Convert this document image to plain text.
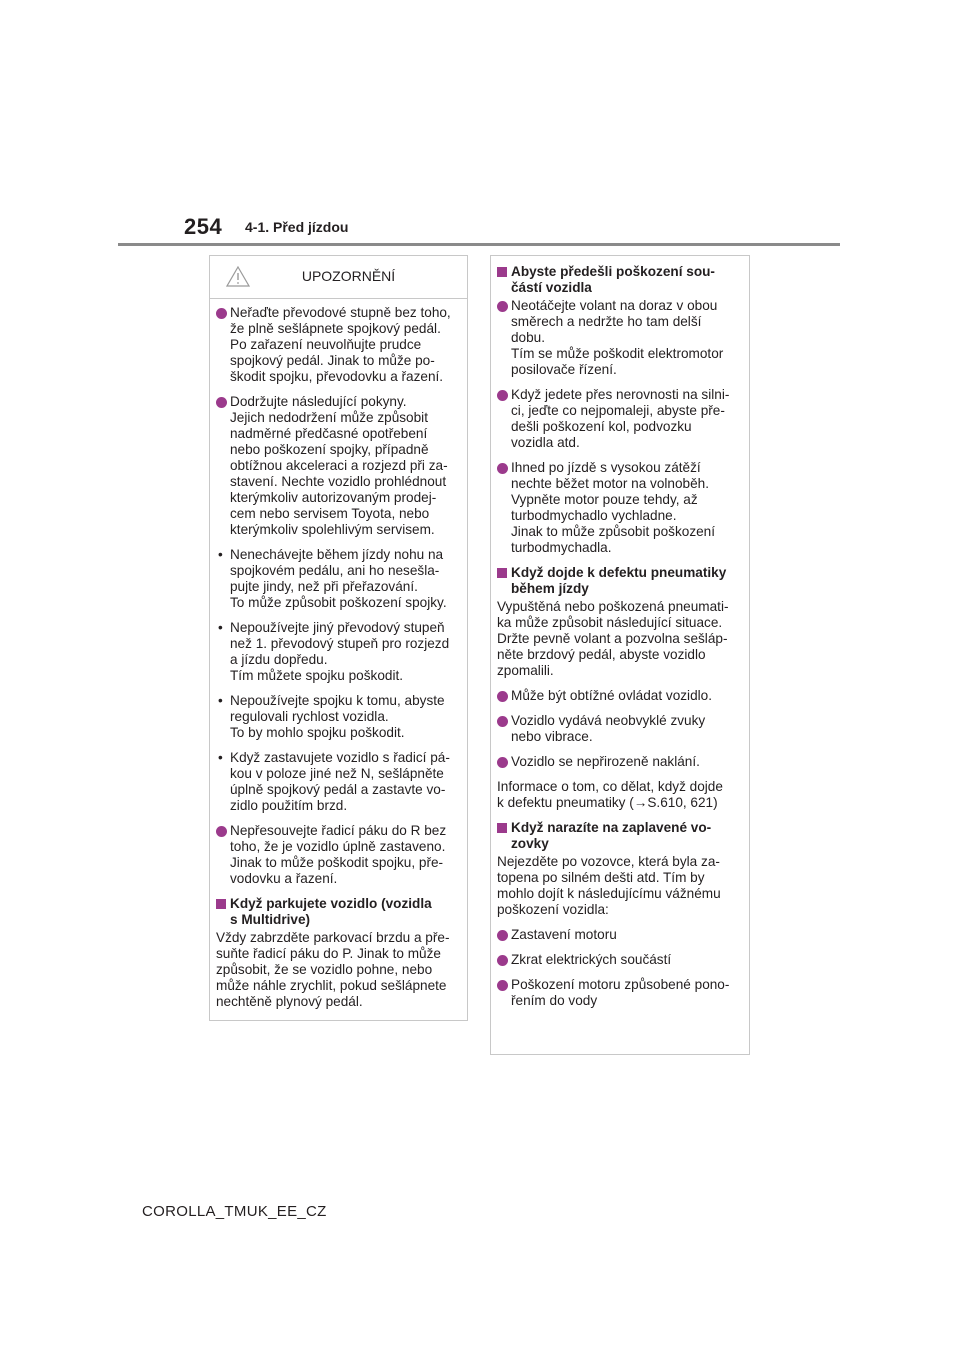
254 4-1. Před jízdou
UPOZORNĚNÍ
Neřaďte převodové stupně bez toho,
že plně sešlápnete spojkový pedál.
Po zařazení neuvolňujte prudce
spojkový pedál. Jinak to může po-
škodit spojku, převodovku a řazení.
Dodržujte následující pokyny.
Jejich nedodržení může způsobit
nadměrné předčasné opotřebení
nebo poškození spojky, případně
obtížnou akceleraci a rozjezd při za-
stavení. Nechte vozidlo prohlédnout
kterýmkoliv autorizovaným prodej-
cem nebo servisem Toyota, nebo
kterýmkoliv spolehlivým servisem.
• Nenechávejte během jízdy nohu na
spojkovém pedálu, ani ho nesešla-
pujte jindy, než při přeřazování.
To může způsobit poškození spojky.
• Nepoužívejte jiný převodový stupeň
než 1. převodový stupeň pro rozjezd
a jízdu dopředu.
Tím můžete spojku poškodit.
• Nepoužívejte spojku k tomu, abyste
regulovali rychlost vozidla.
To by mohlo spojku poškodit.
• Když zastavujete vozidlo s řadicí pá-
kou v poloze jiné než N, sešlápněte
úplně spojkový pedál a zastavte vo-
zidlo použitím brzd.
Nepřesouvejte řadicí páku do R bez
toho, že je vozidlo úplně zastaveno.
Jinak to může poškodit spojku, pře-
vodovku a řazení.
Když parkujete vozidlo (vozidla
s Multidrive)
Vždy zabrzděte parkovací brzdu a pře-
suňte řadicí páku do P. Jinak to může
způsobit, že se vozidlo pohne, nebo
může náhle zrychlit, pokud sešlápnete
nechtěně plynový pedál.
Abyste předešli poškození sou-
částí vozidla
Neotáčejte volant na doraz v obou
směrech a nedržte ho tam delší
dobu.
Tím se může poškodit elektromotor
posilovače řízení.
Když jedete přes nerovnosti na silni-
ci, jeďte co nejpomaleji, abyste pře-
dešli poškození kol, podvozku
vozidla atd.
Ihned po jízdě s vysokou zátěží
nechte běžet motor na volnoběh.
Vypněte motor pouze tehdy, až
turbodmychadlo vychladne.
Jinak to může způsobit poškození
turbodmychadla.
Když dojde k defektu pneumatiky
během jízdy
Vypuštěná nebo poškozená pneumati-
ka může způsobit následující situace.
Držte pevně volant a pozvolna sešláp-
něte brzdový pedál, abyste vozidlo
zpomalili.
Může být obtížné ovládat vozidlo.
Vozidlo vydává neobvyklé zvuky
nebo vibrace.
Vozidlo se nepřirozeně naklání.
Informace o tom, co dělat, když dojde
k defektu pneumatiky (→S.610, 621)
Když narazíte na zaplavené vo-
zovky
Nejezděte po vozovce, která byla za-
topena po silném dešti atd. Tím by
mohlo dojít k následujícímu vážnému
poškození vozidla:
Zastavení motoru
Zkrat elektrických součástí
Poškození motoru způsobené pono-
řením do vody
COROLLA_TMUK_EE_CZ
